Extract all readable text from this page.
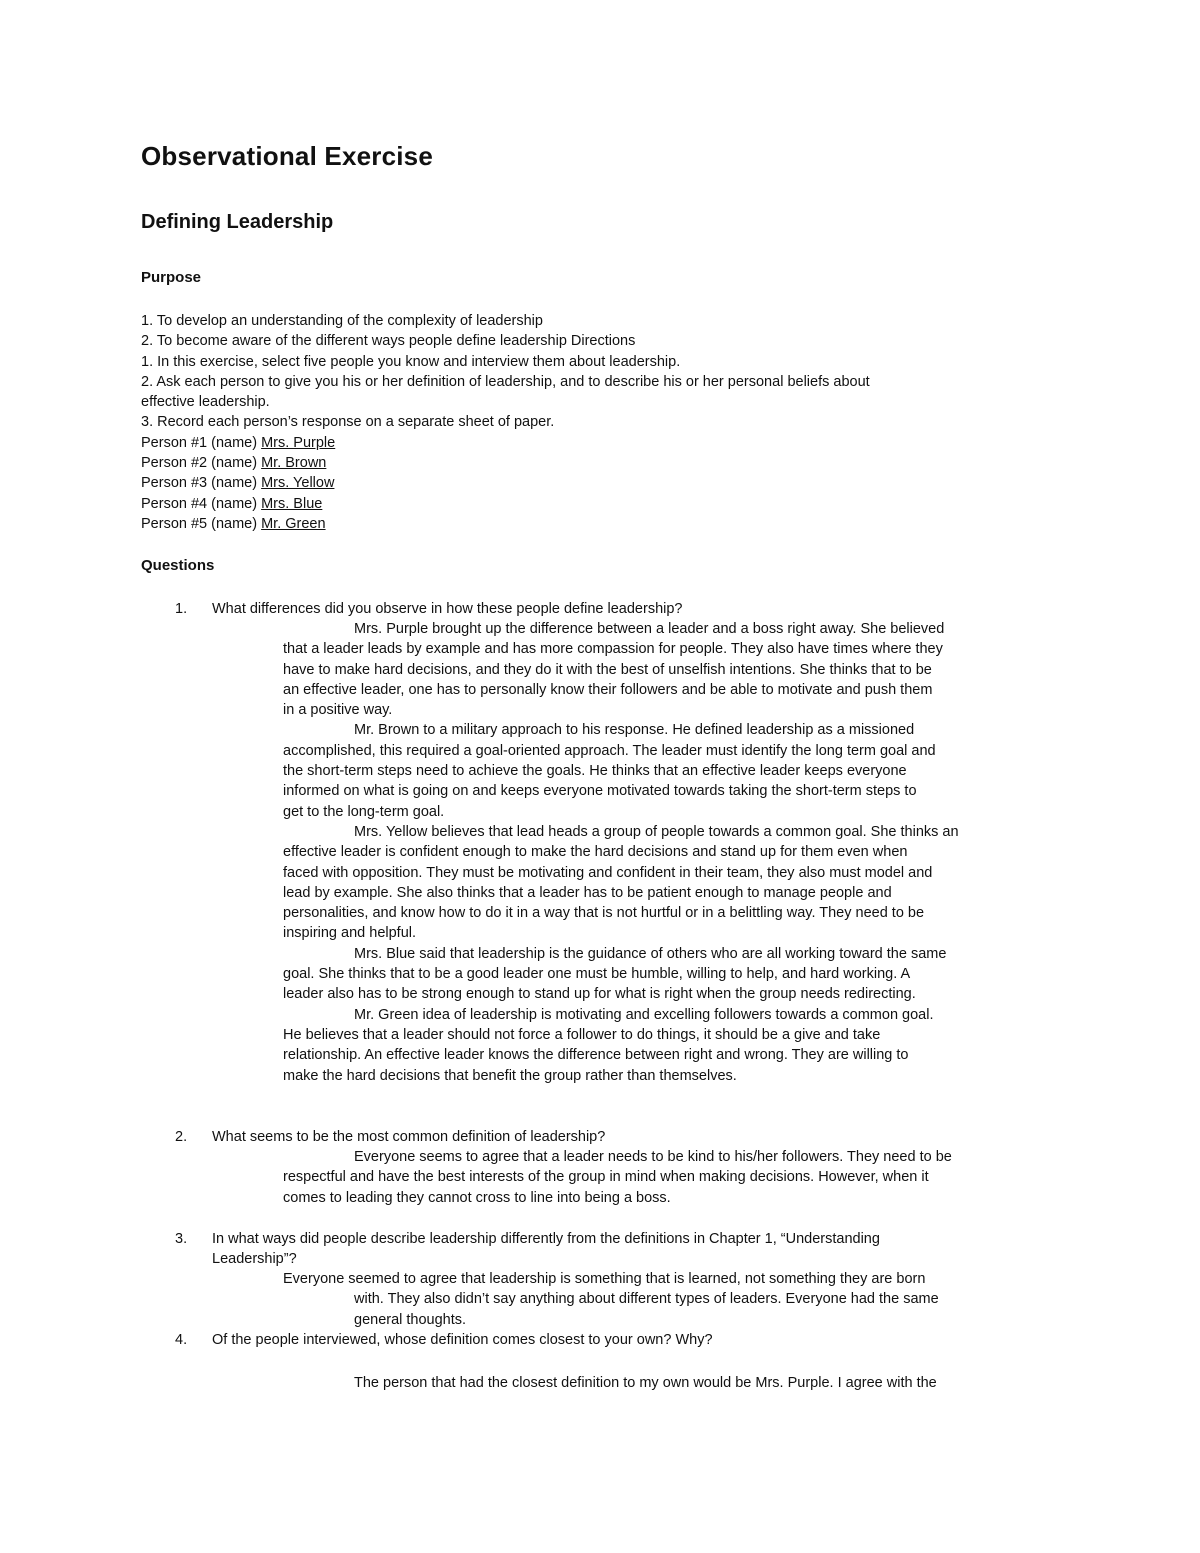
Observational Exercise
Defining Leadership
Purpose
1. To develop an understanding of the complexity of leadership
2. To become aware of the different ways people define leadership Directions
1. In this exercise, select five people you know and interview them about leadership.
2. Ask each person to give you his or her definition of leadership, and to describe his or her personal beliefs about
effective leadership.
3. Record each person’s response on a separate sheet of paper.
Person #1 (name) Mrs. Purple
Person #2 (name) Mr. Brown
Person #3 (name) Mrs. Yellow
Person #4 (name) Mrs. Blue
Person #5 (name) Mr. Green
Questions
1. What differences did you observe in how these people define leadership?
Mrs. Purple brought up the difference between a leader and a boss right away. She believed
that a leader leads by example and has more compassion for people. They also have times where they
have to make hard decisions, and they do it with the best of unselfish intentions. She thinks that to be
an effective leader, one has to personally know their followers and be able to motivate and push them
in a positive way.
Mr. Brown to a military approach to his response. He defined leadership as a missioned
accomplished, this required a goal-oriented approach. The leader must identify the long term goal and
the short-term steps need to achieve the goals. He thinks that an effective leader keeps everyone
informed on what is going on and keeps everyone motivated towards taking the short-term steps to
get to the long-term goal.
Mrs. Yellow believes that lead heads a group of people towards a common goal. She thinks an
effective leader is confident enough to make the hard decisions and stand up for them even when
faced with opposition. They must be motivating and confident in their team, they also must model and
lead by example. She also thinks that a leader has to be patient enough to manage people and
personalities, and know how to do it in a way that is not hurtful or in a belittling way. They need to be
inspiring and helpful.
Mrs. Blue said that leadership is the guidance of others who are all working toward the same
goal. She thinks that to be a good leader one must be humble, willing to help, and hard working. A
leader also has to be strong enough to stand up for what is right when the group needs redirecting.
Mr. Green idea of leadership is motivating and excelling followers towards a common goal.
He believes that a leader should not force a follower to do things, it should be a give and take
relationship. An effective leader knows the difference between right and wrong. They are willing to
make the hard decisions that benefit the group rather than themselves.
2. What seems to be the most common definition of leadership?
Everyone seems to agree that a leader needs to be kind to his/her followers. They need to be
respectful and have the best interests of the group in mind when making decisions. However, when it
comes to leading they cannot cross to line into being a boss.
3. In what ways did people describe leadership differently from the definitions in Chapter 1, “Understanding
Leadership”?
Everyone seemed to agree that leadership is something that is learned, not something they are born
with. They also didn’t say anything about different types of leaders. Everyone had the same
general thoughts.
4. Of the people interviewed, whose definition comes closest to your own? Why?
The person that had the closest definition to my own would be Mrs. Purple. I agree with the
